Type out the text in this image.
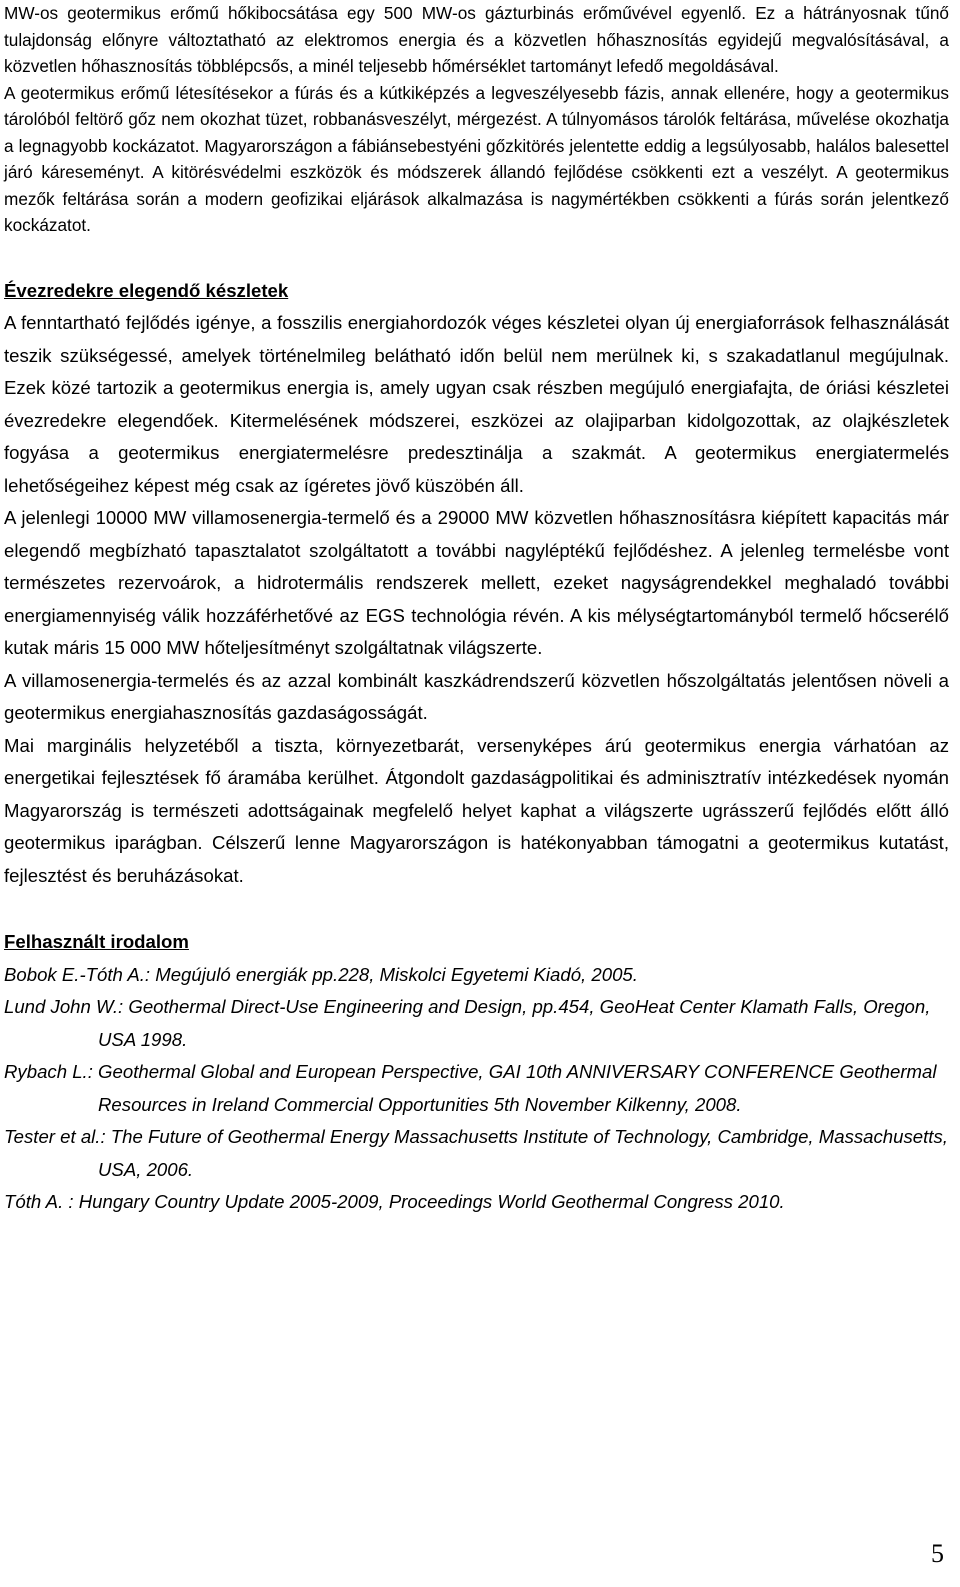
MW-os geotermikus erőmű hőkibocsátása egy 500 MW-os gázturbinás erőművével egyenlő. Ez a hátrányosnak tűnő tulajdonság előnyre változtatható az elektromos energia és a közvetlen hőhasznosítás egyidejű megvalósításával, a közvetlen hőhasznosítás többlépcsős, a minél teljesebb hőmérséklet tartományt lefedő megoldásával.

A geotermikus erőmű létesítésekor a fúrás és a kútkiképzés a legveszélyesebb fázis, annak ellenére, hogy a geotermikus tárolóból feltörő gőz nem okozhat tüzet, robbanásveszélyt, mérgezést. A túlnyomásos tárolók feltárása, művelése okozhatja a legnagyobb kockázatot. Magyarországon a fábiánsebestyéni gőzkitörés jelentette eddig a legsúlyosabb, halálos balesettel járó káreseményt. A kitörésvédelmi eszközök és módszerek állandó fejlődése csökkenti ezt a veszélyt. A geotermikus mezők feltárása során a modern geofizikai eljárások alkalmazása is nagymértékben csökkenti a fúrás során jelentkező kockázatot.

Évezredekre elegendő készletek

A fenntartható fejlődés igénye, a fosszilis energiahordozók véges készletei olyan új energiaforrások felhasználását teszik szükségessé, amelyek történelmileg belátható időn belül nem merülnek ki, s szakadatlanul megújulnak. Ezek közé tartozik a geotermikus energia is, amely ugyan csak részben megújuló energiafajta, de óriási készletei évezredekre elegendőek. Kitermelésének módszerei, eszközei az olajiparban kidolgozottak, az olajkészletek fogyása a geotermikus energiatermelésre predesztinálja a szakmát. A geotermikus energiatermelés lehetőségeihez képest még csak az ígéretes jövő küszöbén áll.

A jelenlegi 10000 MW villamosenergia-termelő és a 29000 MW közvetlen hőhasznosításra kiépített kapacitás már elegendő megbízható tapasztalatot szolgáltatott a további nagyléptékű fejlődéshez. A jelenleg termelésbe vont természetes rezervoárok, a hidrotermális rendszerek mellett, ezeket nagyságrendekkel meghaladó további energiamennyiség válik hozzáférhetővé az EGS technológia révén. A kis mélységtartományból termelő hőcserélő kutak máris 15 000 MW hőteljesítményt szolgáltatnak világszerte.

A villamosenergia-termelés és az azzal kombinált kaszkádrendszerű közvetlen hőszolgáltatás jelentősen növeli a geotermikus energiahasznosítás gazdaságosságát.

Mai marginális helyzetéből a tiszta, környezetbarát, versenyképes árú geotermikus energia várhatóan az energetikai fejlesztések fő áramába kerülhet. Átgondolt gazdaságpolitikai és adminisztratív intézkedések nyomán Magyarország is természeti adottságainak megfelelő helyet kaphat a világszerte ugrásszerű fejlődés előtt álló geotermikus iparágban. Célszerű lenne Magyarországon is hatékonyabban támogatni a geotermikus kutatást, fejlesztést és beruházásokat.

Felhasznált irodalom

Bobok E.-Tóth A.: Megújuló energiák pp.228, Miskolci Egyetemi Kiadó, 2005.

Lund John W.: Geothermal Direct-Use Engineering and Design, pp.454, GeoHeat Center Klamath Falls, Oregon, USA 1998.

Rybach L.: Geothermal Global and European Perspective, GAI 10th ANNIVERSARY CONFERENCE Geothermal Resources in Ireland Commercial Opportunities 5th November Kilkenny, 2008.

Tester et al.: The Future of Geothermal Energy Massachusetts Institute of Technology, Cambridge, Massachusetts, USA, 2006.

Tóth A. : Hungary Country Update 2005-2009, Proceedings World Geothermal Congress 2010.

5
